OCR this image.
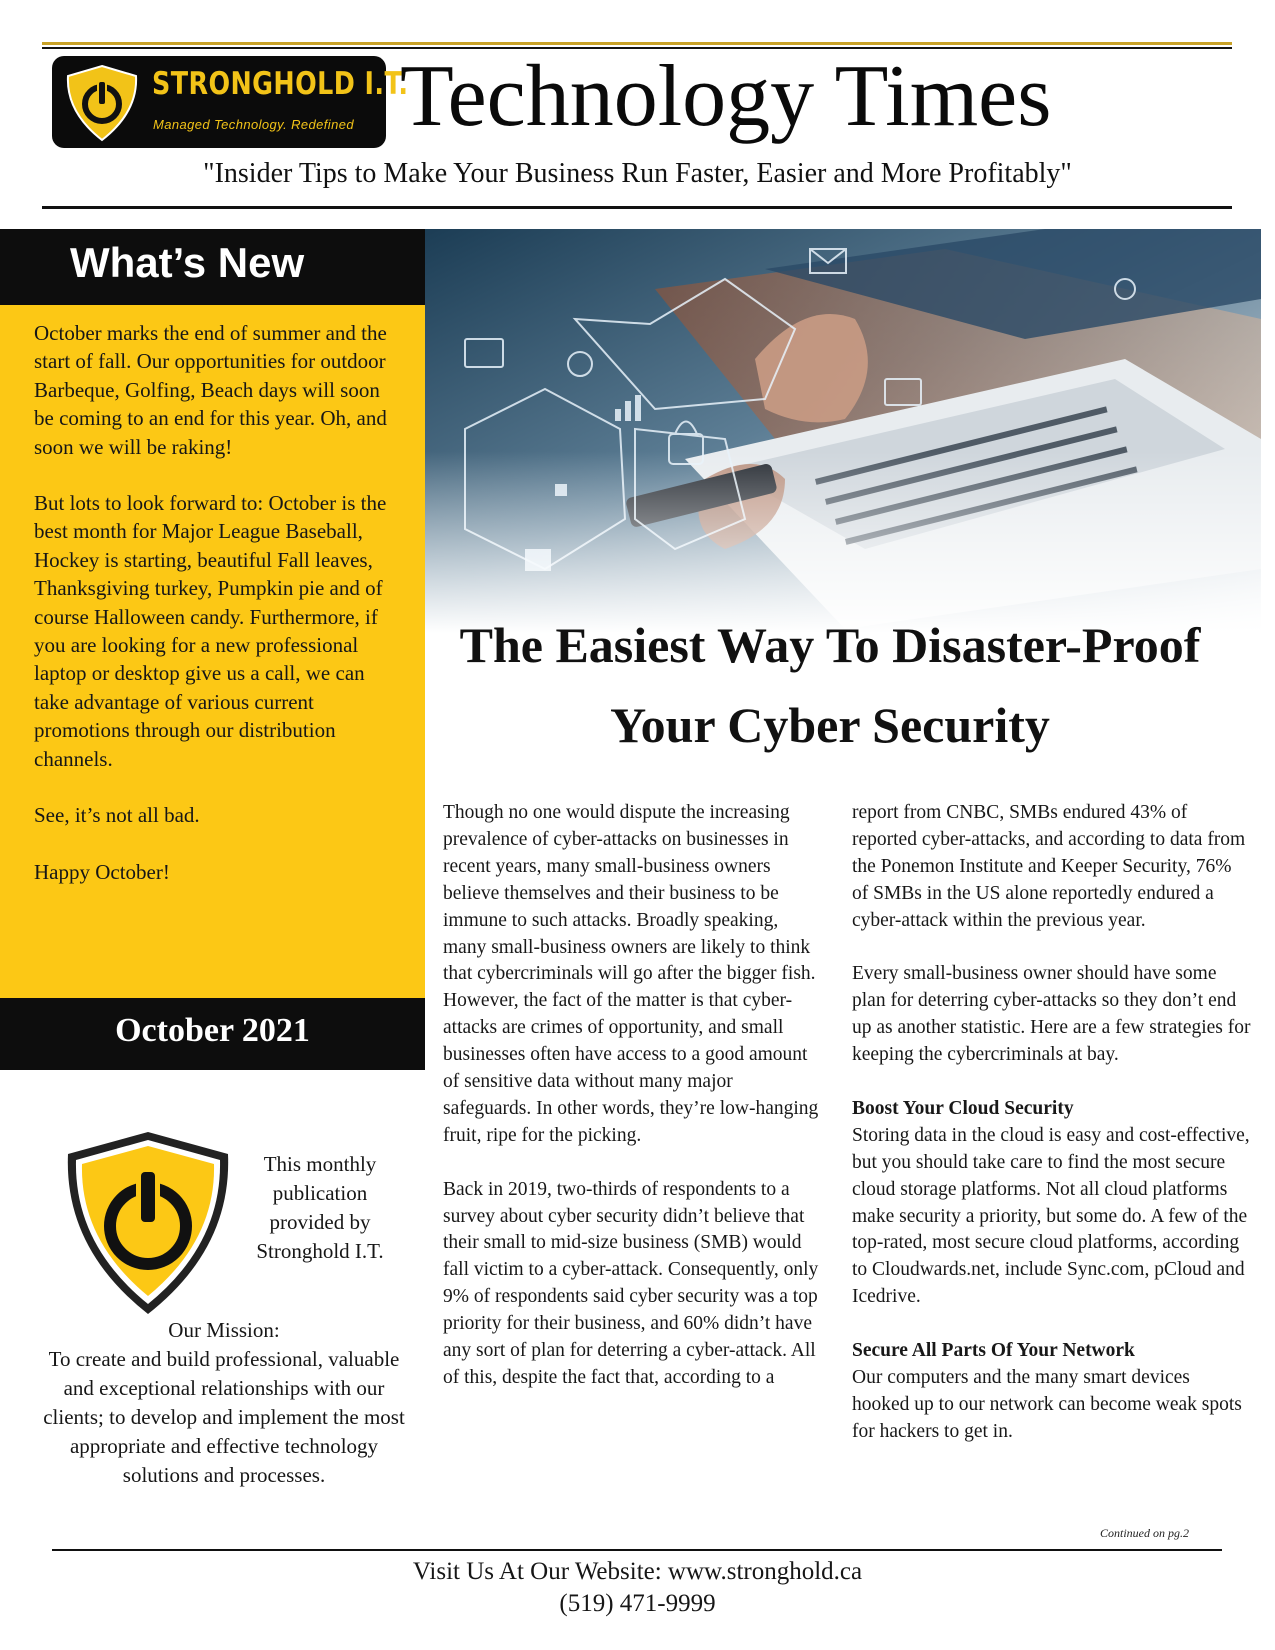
STRONGHOLD I.T.
Managed Technology. Redefined Technology Times
"Insider Tips to Make Your Business Run Faster, Easier and More Profitably"
What’s New

October marks the end of summer and the start of fall. Our opportunities for outdoor Barbeque, Golfing, Beach days will soon be coming to an end for this year. Oh, and soon we will be raking!

But lots to look forward to: October is the best month for Major League Baseball, Hockey is starting, beautiful Fall leaves, Thanksgiving turkey, Pumpkin pie and of course Halloween candy. Furthermore, if you are looking for a new professional laptop or desktop give us a call, we can take advantage of various current promotions through our distribution channels.

See, it’s not all bad.

Happy October!

October 2021
This monthly publication provided by Stronghold I.T.
Our Mission:
To create and build professional, valuable and exceptional relationships with our clients; to develop and implement the most appropriate and effective technology solutions and processes.
The Easiest Way To Disaster-Proof Your Cyber Security

Though no one would dispute the increasing prevalence of cyber-attacks on businesses in recent years, many small-business owners believe themselves and their business to be immune to such attacks. Broadly speaking, many small-business owners are likely to think that cybercriminals will go after the bigger fish. However, the fact of the matter is that cyber-attacks are crimes of opportunity, and small businesses often have access to a good amount of sensitive data without many major safeguards. In other words, they’re low-hanging fruit, ripe for the picking.

Back in 2019, two-thirds of respondents to a survey about cyber security didn’t believe that their small to mid-size business (SMB) would fall victim to a cyber-attack. Consequently, only 9% of respondents said cyber security was a top priority for their business, and 60% didn’t have any sort of plan for deterring a cyber-attack. All of this, despite the fact that, according to a

report from CNBC, SMBs endured 43% of reported cyber-attacks, and according to data from the Ponemon Institute and Keeper Security, 76% of SMBs in the US alone reportedly endured a cyber-attack within the previous year.

Every small-business owner should have some plan for deterring cyber-attacks so they don’t end up as another statistic. Here are a few strategies for keeping the cybercriminals at bay.

Boost Your Cloud Security
Storing data in the cloud is easy and cost-effective, but you should take care to find the most secure cloud storage platforms. Not all cloud platforms make security a priority, but some do. A few of the top-rated, most secure cloud platforms, according to Cloudwards.net, include Sync.com, pCloud and Icedrive.

Secure All Parts Of Your Network
Our computers and the many smart devices hooked up to our network can become weak spots for hackers to get in.

Continued on pg.2
Visit Us At Our Website: www.stronghold.ca
(519) 471-9999
